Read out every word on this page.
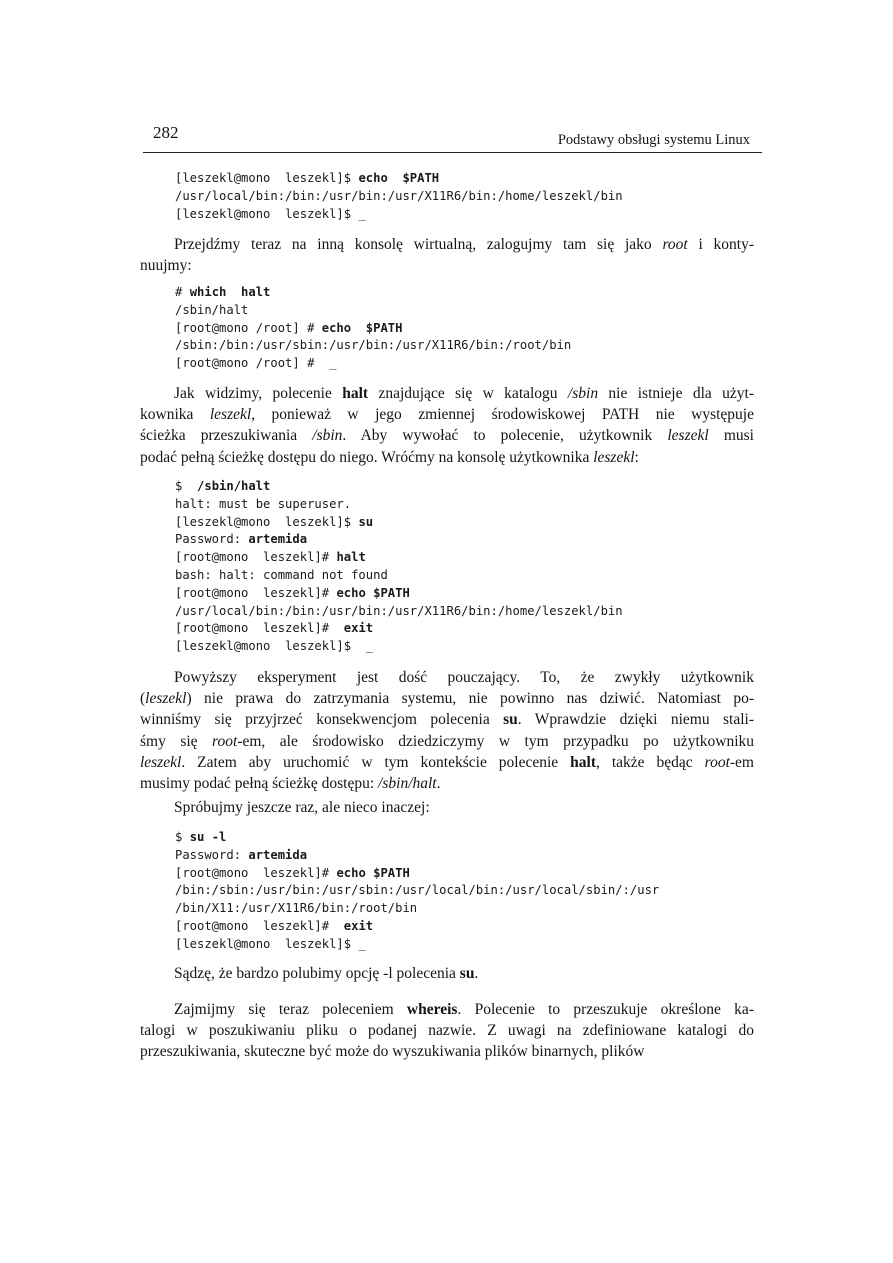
282	Podstawy obsługi systemu Linux
[leszekl@mono  leszekl]$ echo  $PATH
/usr/local/bin:/bin:/usr/bin:/usr/X11R6/bin:/home/leszekl/bin
[leszekl@mono  leszekl]$ _
Przejdźmy teraz na inną konsolę wirtualną, zalogujmy tam się jako root i konty-
nuujmy:
# which  halt
/sbin/halt
[root@mono /root] # echo  $PATH
/sbin:/bin:/usr/sbin:/usr/bin:/usr/X11R6/bin:/root/bin
[root@mono /root] #  _
Jak widzimy, polecenie halt znajdujące się w katalogu /sbin nie istnieje dla użyt-
kownika leszekl, ponieważ w jego zmiennej środowiskowej PATH nie występuje
ścieżka przeszukiwania /sbin. Aby wywołać to polecenie, użytkownik leszekl musi
podać pełną ścieżkę dostępu do niego. Wróćmy na konsolę użytkownika leszekl:
$  /sbin/halt
halt: must be superuser.
[leszekl@mono  leszekl]$ su
Password: artemida
[root@mono  leszekl]# halt
bash: halt: command not found
[root@mono  leszekl]# echo $PATH
/usr/local/bin:/bin:/usr/bin:/usr/X11R6/bin:/home/leszekl/bin
[root@mono  leszekl]#  exit
[leszekl@mono  leszekl]$  _
Powyższy eksperyment jest dość pouczający. To, że zwykły użytkownik
(leszekl) nie prawa do zatrzymania systemu, nie powinno nas dziwić. Natomiast po-
winniśmy się przyjrzeć konsekwencjom polecenia su. Wprawdzie dzięki niemu stali-
śmy się root-em, ale środowisko dziedziczymy w tym przypadku po użytkowniku
leszekl. Zatem aby uruchomić w tym kontekście polecenie halt, także będąc root-em
musimy podać pełną ścieżkę dostępu: /sbin/halt.
Spróbujmy jeszcze raz, ale nieco inaczej:
$ su -l
Password: artemida
[root@mono  leszekl]# echo $PATH
/bin:/sbin:/usr/bin:/usr/sbin:/usr/local/bin:/usr/local/sbin/:/usr
/bin/X11:/usr/X11R6/bin:/root/bin
[root@mono  leszekl]#  exit
[leszekl@mono  leszekl]$ _
Sądzę, że bardzo polubimy opcję -l polecenia su.
Zajmijmy się teraz poleceniem whereis. Polecenie to przeszukuje określone ka-
talogi w poszukiwaniu pliku o podanej nazwie. Z uwagi na zdefiniowane katalogi do
przeszukiwania, skuteczne być może do wyszukiwania plików binarnych, plików
